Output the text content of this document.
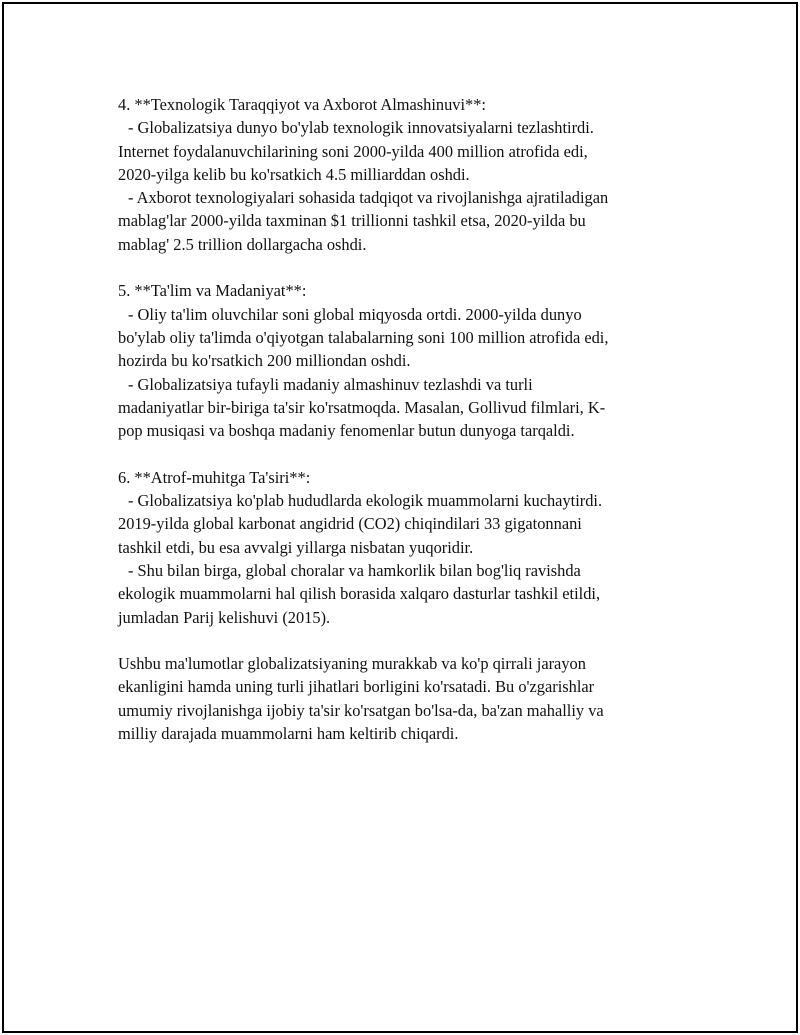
4. **Texnologik Taraqqiyot va Axborot Almashinuvi**:
- Globalizatsiya dunyo bo'ylab texnologik innovatsiyalarni tezlashtirdi.
Internet foydalanuvchilarining soni 2000-yilda 400 million atrofida edi,
2020-yilga kelib bu ko'rsatkich 4.5 milliarddan oshdi.
- Axborot texnologiyalari sohasida tadqiqot va rivojlanishga ajratiladigan
mablag'lar 2000-yilda taxminan $1 trillionni tashkil etsa, 2020-yilda bu
mablag' 2.5 trillion dollargacha oshdi.
5. **Ta'lim va Madaniyat**:
- Oliy ta'lim oluvchilar soni global miqyosda ortdi. 2000-yilda dunyo
bo'ylab oliy ta'limda o'qiyotgan talabalarning soni 100 million atrofida edi,
hozirda bu ko'rsatkich 200 milliondan oshdi.
- Globalizatsiya tufayli madaniy almashinuv tezlashdi va turli
madaniyatlar bir-biriga ta'sir ko'rsatmoqda. Masalan, Gollivud filmlari, K-
pop musiqasi va boshqa madaniy fenomenlar butun dunyoga tarqaldi.
6. **Atrof-muhitga Ta'siri**:
- Globalizatsiya ko'plab hududlarda ekologik muammolarni kuchaytirdi.
2019-yilda global karbonat angidrid (CO2) chiqindilari 33 gigatonnani
tashkil etdi, bu esa avvalgi yillarga nisbatan yuqoridir.
- Shu bilan birga, global choralar va hamkorlik bilan bog'liq ravishda
ekologik muammolarni hal qilish borasida xalqaro dasturlar tashkil etildi,
jumladan Parij kelishuvi (2015).
Ushbu ma'lumotlar globalizatsiyaning murakkab va ko'p qirrali jarayon
ekanligini hamda uning turli jihatlari borligini ko'rsatadi. Bu o'zgarishlar
umumiy rivojlanishga ijobiy ta'sir ko'rsatgan bo'lsa-da, ba'zan mahalliy va
milliy darajada muammolarni ham keltirib chiqardi.
